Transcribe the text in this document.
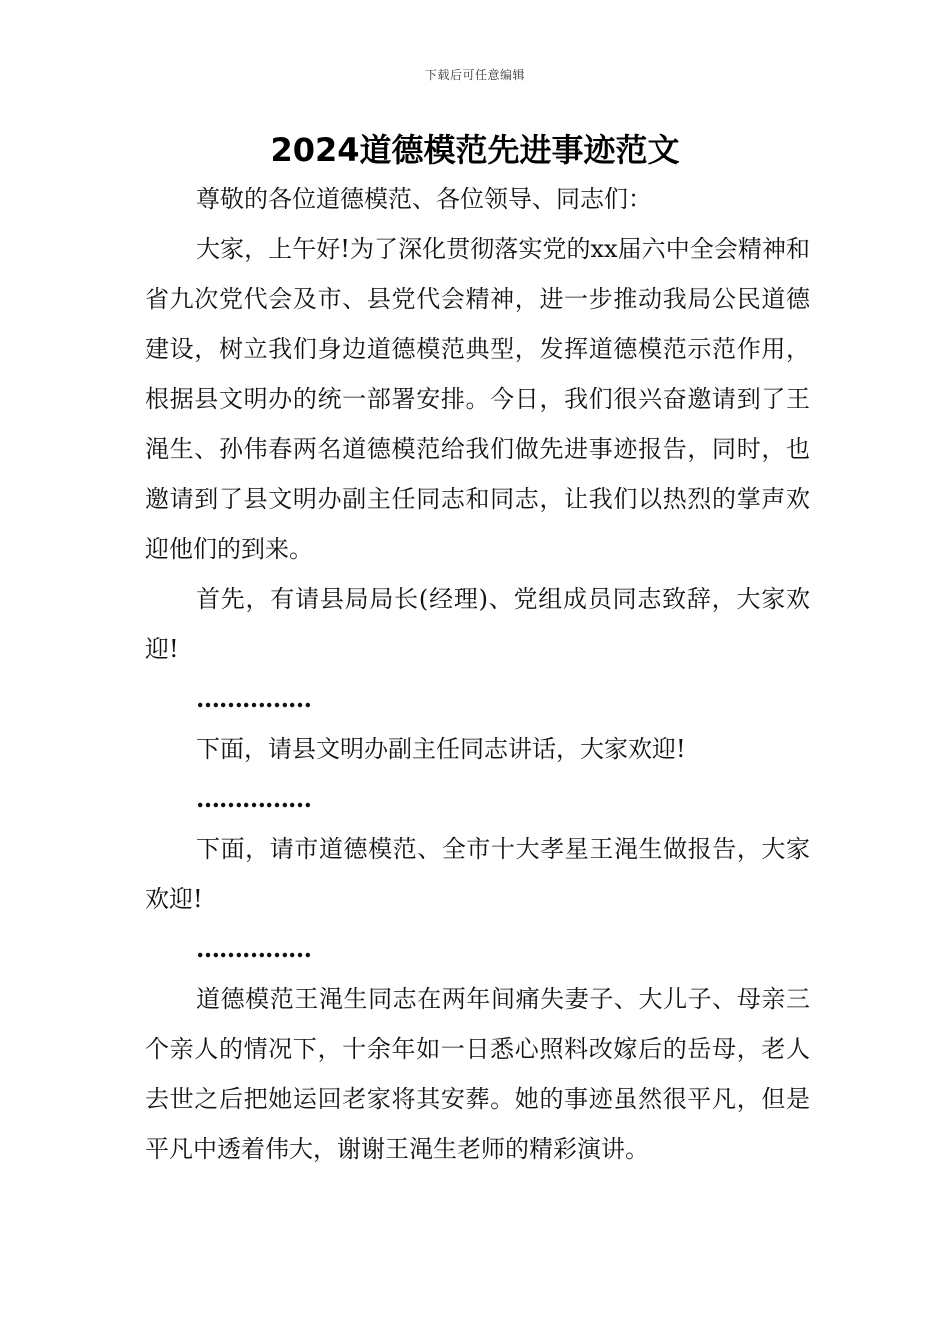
下载后可任意编辑
2024道德模范先进事迹范文

尊敬的各位道德模范、各位领导、同志们：

大家，上午好!为了深化贯彻落实党的xx届六中全会精神和省九次党代会及市、县党代会精神，进一步推动我局公民道德建设，树立我们身边道德模范典型，发挥道德模范示范作用，根据县文明办的统一部署安排。今日，我们很兴奋邀请到了王渑生、孙伟春两名道德模范给我们做先进事迹报告，同时，也邀请到了县文明办副主任同志和同志，让我们以热烈的掌声欢迎他们的到来。

首先，有请县局局长(经理)、党组成员同志致辞，大家欢迎!

……………

下面，请县文明办副主任同志讲话，大家欢迎!

……………

下面，请市道德模范、全市十大孝星王渑生做报告，大家欢迎!

……………

道德模范王渑生同志在两年间痛失妻子、大儿子、母亲三个亲人的情况下，十余年如一日悉心照料改嫁后的岳母，老人去世之后把她运回老家将其安葬。她的事迹虽然很平凡，但是平凡中透着伟大，谢谢王渑生老师的精彩演讲。
